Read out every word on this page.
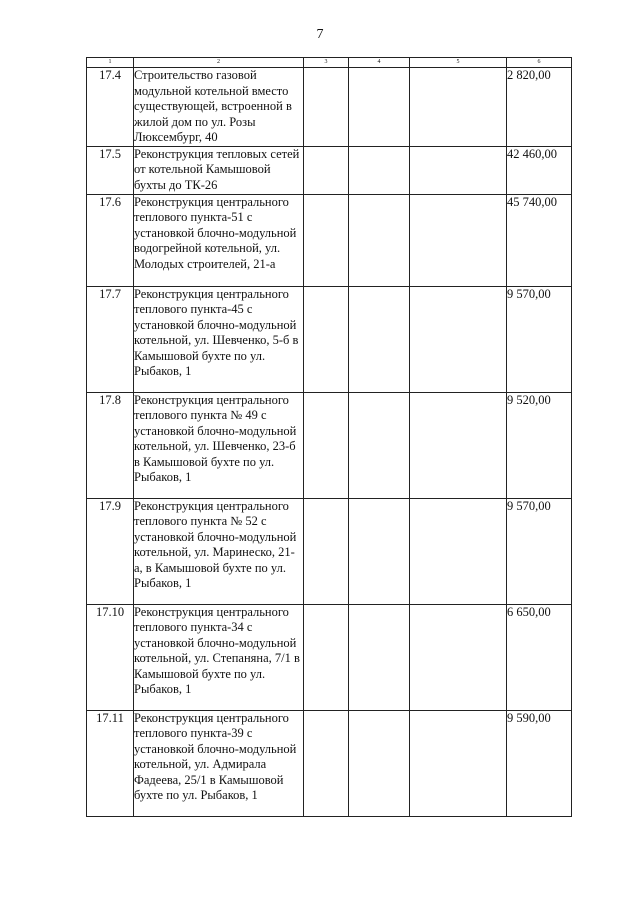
7
1	2	3	4	5	6
17.4	Строительство газовой модульной котельной вместо существующей, встроенной в жилой дом по ул. Розы Люксембург, 40				2 820,00
17.5	Реконструкция тепловых сетей от котельной Камышовой бухты до ТК-26				42 460,00
17.6	Реконструкция центрального теплового пункта-51 с установкой блочно-модульной водогрейной котельной, ул. Молодых строителей, 21-а				45 740,00
17.7	Реконструкция центрального теплового пункта-45 с установкой блочно-модульной котельной, ул. Шевченко, 5-б в Камышовой бухте по ул. Рыбаков, 1				9 570,00
17.8	Реконструкция центрального теплового пункта № 49 с установкой блочно-модульной котельной, ул. Шевченко, 23-б в Камышовой бухте по ул. Рыбаков, 1				9 520,00
17.9	Реконструкция центрального теплового пункта № 52 с установкой блочно-модульной котельной, ул. Маринеско, 21-а, в Камышовой бухте по ул. Рыбаков, 1				9 570,00
17.10	Реконструкция центрального теплового пункта-34 с установкой блочно-модульной котельной, ул. Степаняна, 7/1 в Камышовой бухте по ул. Рыбаков, 1				6 650,00
17.11	Реконструкция центрального теплового пункта-39 с установкой блочно-модульной котельной, ул. Адмирала Фадеева, 25/1 в Камышовой бухте по ул. Рыбаков, 1				9 590,00
